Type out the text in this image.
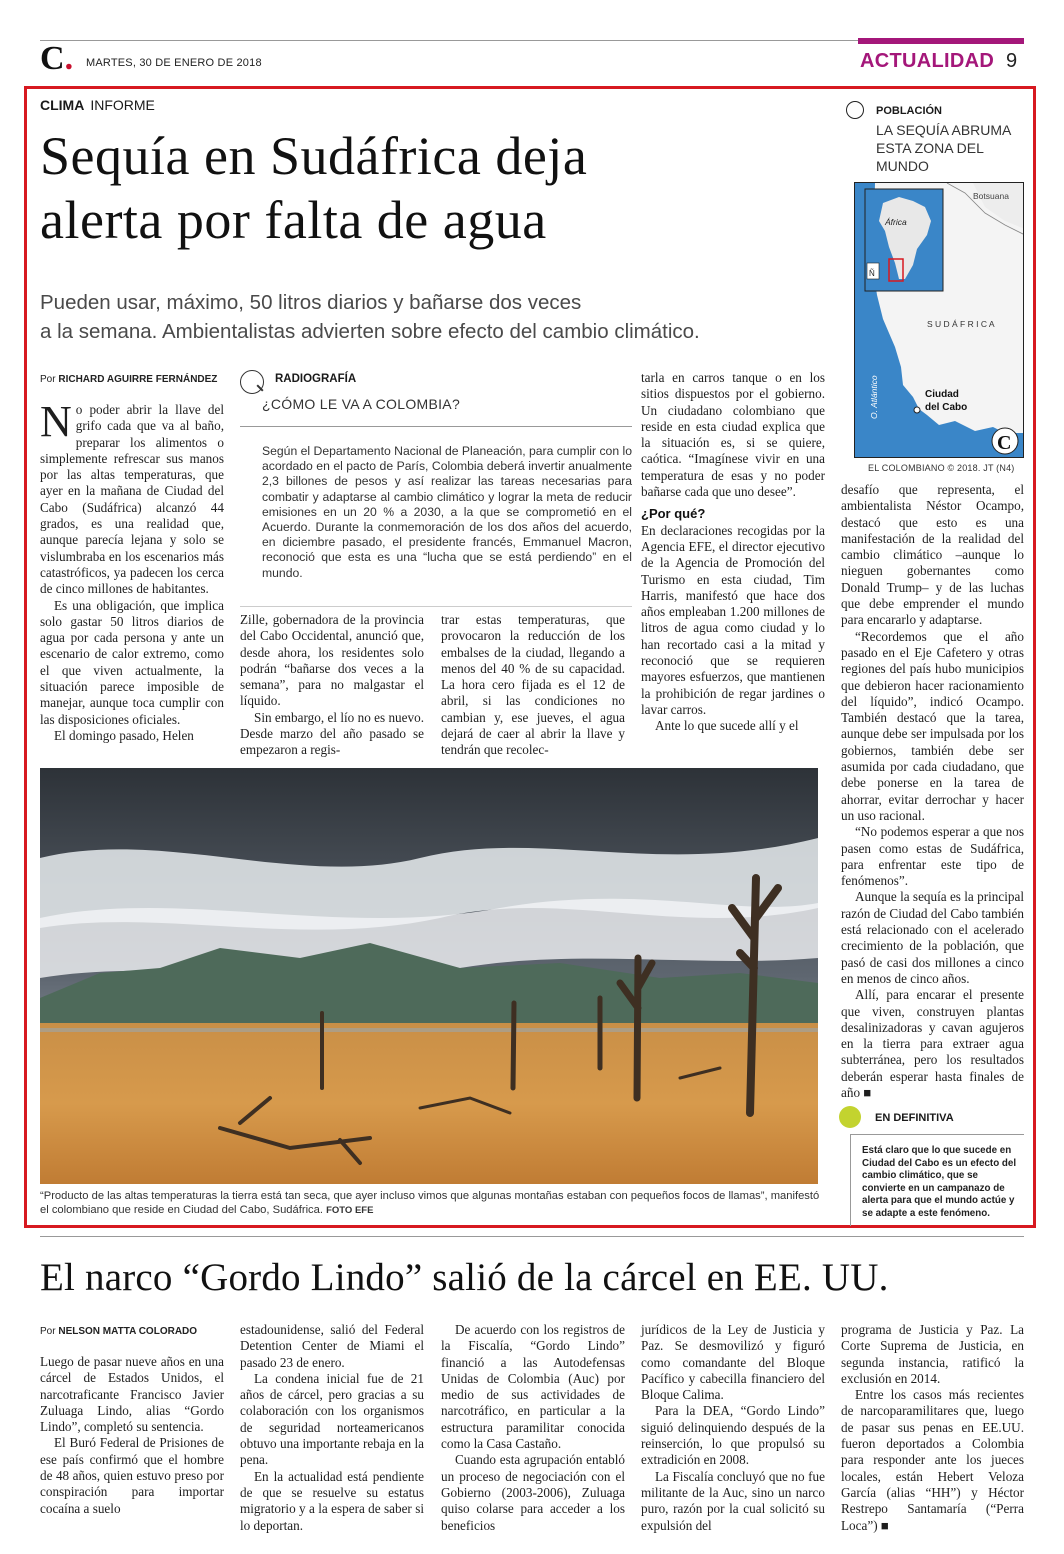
C. MARTES, 30 DE ENERO DE 2018	ACTUALIDAD 9
CLIMA INFORME
Sequía en Sudáfrica deja
alerta por falta de agua
Pueden usar, máximo, 50 litros diarios y bañarse dos veces
a la semana. Ambientalistas advierten sobre efecto del cambio climático.
Por RICHARD AGUIRRE FERNÁNDEZ

No poder abrir la llave del grifo cada que va al baño, preparar los alimentos o simplemente refrescar sus manos por las altas temperaturas, que ayer en la mañana de Ciudad del Cabo (Sudáfrica) alcanzó 44 grados, es una realidad que, aunque parecía lejana y solo se vislumbraba en los escenarios más catastróficos, ya padecen los cerca de cinco millones de habitantes.

Es una obligación, que implica solo gastar 50 litros diarios de agua por cada persona y ante un escenario de calor extremo, como el que viven actualmente, la situación parece imposible de manejar, aunque toca cumplir con las disposiciones oficiales.

El domingo pasado, Helen

RADIOGRAFÍA
¿CÓMO LE VA A COLOMBIA?
Según el Departamento Nacional de Planeación, para cumplir con lo acordado en el pacto de París, Colombia deberá invertir anualmente 2,3 billones de pesos y así realizar las tareas necesarias para combatir y adaptarse al cambio climático y lograr la meta de reducir emisiones en un 20 % a 2030, a la que se comprometió en el Acuerdo. Durante la conmemoración de los dos años del acuerdo, en diciembre pasado, el presidente francés, Emmanuel Macron, reconoció que esta es una “lucha que se está perdiendo” en el mundo.

Zille, gobernadora de la provincia del Cabo Occidental, anunció que, desde ahora, los residentes solo podrán “bañarse dos veces a la semana”, para no malgastar el líquido.

Sin embargo, el lío no es nuevo. Desde marzo del año pasado se empezaron a regis-

trar estas temperaturas, que provocaron la reducción de los embalses de la ciudad, llegando a menos del 40 % de su capacidad. La hora cero fijada es el 12 de abril, si las condiciones no cambian y, ese jueves, el agua dejará de caer al abrir la llave y tendrán que recolec-

tarla en carros tanque o en los sitios dispuestos por el gobierno. Un ciudadano colombiano que reside en esta ciudad explica que la situación es, si se quiere, caótica. “Imagínese vivir en una temperatura de esas y no poder bañarse cada que uno desee”.

¿Por qué?

En declaraciones recogidas por la Agencia EFE, el director ejecutivo de la Agencia de Promoción del Turismo en esta ciudad, Tim Harris, manifestó que hace dos años empleaban 1.200 millones de litros de agua como ciudad y lo han recortado casi a la mitad y reconoció que se requieren mayores esfuerzos, que mantienen la prohibición de regar jardines o lavar carros.

Ante lo que sucede allí y el

POBLACIÓN
LA SEQUÍA ABRUMA ESTA ZONA DEL MUNDO
Botsuana
África
Ñ
S U D Á F R I C A
O. Atlántico	Ciudad
del Cabo
C
EL COLOMBIANO © 2018. JT (N4)

desafío que representa, el ambientalista Néstor Ocampo, destacó que esto es una manifestación de la realidad del cambio climático –aunque lo nieguen gobernantes como Donald Trump– y de las luchas que debe emprender el mundo para encararlo y adaptarse.

“Recordemos que el año pasado en el Eje Cafetero y otras regiones del país hubo municipios que debieron hacer racionamiento del líquido”, indicó Ocampo. También destacó que la tarea, aunque debe ser impulsada por los gobiernos, también debe ser asumida por cada ciudadano, que debe ponerse en la tarea de ahorrar, evitar derrochar y hacer un uso racional.

“No podemos esperar a que nos pasen como estas de Sudáfrica, para enfrentar este tipo de fenómenos”.

Aunque la sequía es la principal razón de Ciudad del Cabo también está relacionado con el acelerado crecimiento de la población, que pasó de casi dos millones a cinco en menos de cinco años.

Allí, para encarar el presente que viven, construyen plantas desalinizadoras y cavan agujeros en la tierra para extraer agua subterránea, pero los resultados deberán esperar hasta finales de año ■

“Producto de las altas temperaturas la tierra está tan seca, que ayer incluso vimos que algunas montañas estaban con pequeños focos de llamas”, manifestó el colombiano que reside en Ciudad del Cabo, Sudáfrica. FOTO EFE
EN DEFINITIVA
Está claro que lo que sucede en Ciudad del Cabo es un efecto del cambio climático, que se convierte en un campanazo de alerta para que el mundo actúe y se adapte a este fenómeno.
El narco “Gordo Lindo” salió de la cárcel en EE. UU.
Por NELSON MATTA COLORADO

Luego de pasar nueve años en una cárcel de Estados Unidos, el narcotraficante Francisco Javier Zuluaga Lindo, alias “Gordo Lindo”, completó su sentencia.

El Buró Federal de Prisiones de ese país confirmó que el hombre de 48 años, quien estuvo preso por conspiración para importar cocaína a suelo

estadounidense, salió del Federal Detention Center de Miami el pasado 23 de enero.

La condena inicial fue de 21 años de cárcel, pero gracias a su colaboración con los organismos de seguridad norteamericanos obtuvo una importante rebaja en la pena.

En la actualidad está pendiente de que se resuelve su estatus migratorio y a la espera de saber si lo deportan.

De acuerdo con los registros de la Fiscalía, “Gordo Lindo” financió a las Autodefensas Unidas de Colombia (Auc) por medio de sus actividades de narcotráfico, en particular a la estructura paramilitar conocida como la Casa Castaño.

Cuando esta agrupación entabló un proceso de negociación con el Gobierno (2003-2006), Zuluaga quiso colarse para acceder a los beneficios

jurídicos de la Ley de Justicia y Paz. Se desmovilizó y figuró como comandante del Bloque Pacífico y cabecilla financiero del Bloque Calima.

Para la DEA, “Gordo Lindo” siguió delinquiendo después de la reinserción, lo que propulsó su extradición en 2008.

La Fiscalía concluyó que no fue militante de la Auc, sino un narco puro, razón por la cual solicitó su expulsión del

programa de Justicia y Paz. La Corte Suprema de Justicia, en segunda instancia, ratificó la exclusión en 2014.

Entre los casos más recientes de narcoparamilitares que, luego de pasar sus penas en EE.UU. fueron deportados a Colombia para responder ante los jueces locales, están Hebert Veloza García (alias “HH”) y Héctor Restrepo Santamaría (“Perra Loca”) ■
